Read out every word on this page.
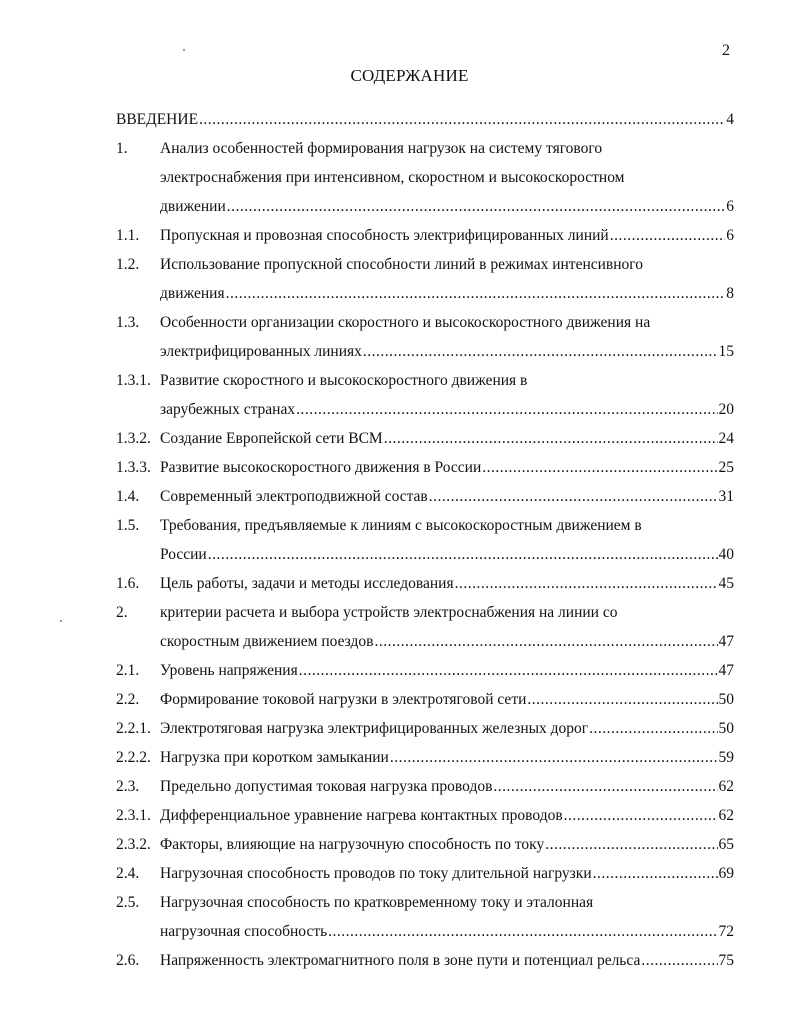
2
СОДЕРЖАНИЕ
ВВЕДЕНИЕ .....	4
1. Анализ особенностей формирования нагрузок на систему тягового
электроснабжения при интенсивном, скоростном и высокоскоростном
движении .....	6
1.1. Пропускная и провозная способность электрифицированных линий .....	6
1.2. Использование пропускной способности линий в режимах интенсивного
движения .....	8
1.3. Особенности организации скоростного и высокоскоростного движения на
электрифицированных линиях .....	15
1.3.1. Развитие скоростного и высокоскоростного движения в
зарубежных странах .....	20
1.3.2. Создание Европейской сети ВСМ .....	24
1.3.3. Развитие высокоскоростного движения в России .....	25
1.4. Современный электроподвижной состав .....	31
1.5. Требования, предъявляемые к линиям с высокоскоростным движением в
России .....	40
1.6. Цель работы, задачи и методы исследования .....	45
2. критерии расчета и выбора устройств электроснабжения на линии со
скоростным движением поездов .....	47
2.1. Уровень напряжения .....	47
2.2. Формирование токовой нагрузки в электротяговой сети .....	50
2.2.1. Электротяговая нагрузка электрифицированных железных дорог .....	50
2.2.2. Нагрузка при коротком замыкании .....	59
2.3. Предельно допустимая токовая нагрузка проводов .....	62
2.3.1. Дифференциальное уравнение нагрева контактных проводов .....	62
2.3.2. Факторы, влияющие на нагрузочную способность по току .....	65
2.4. Нагрузочная способность проводов по току длительной нагрузки .....	69
2.5. Нагрузочная способность по кратковременному току и эталонная
нагрузочная способность .....	72
2.6. Напряженность электромагнитного поля в зоне пути и потенциал рельса .....	75
